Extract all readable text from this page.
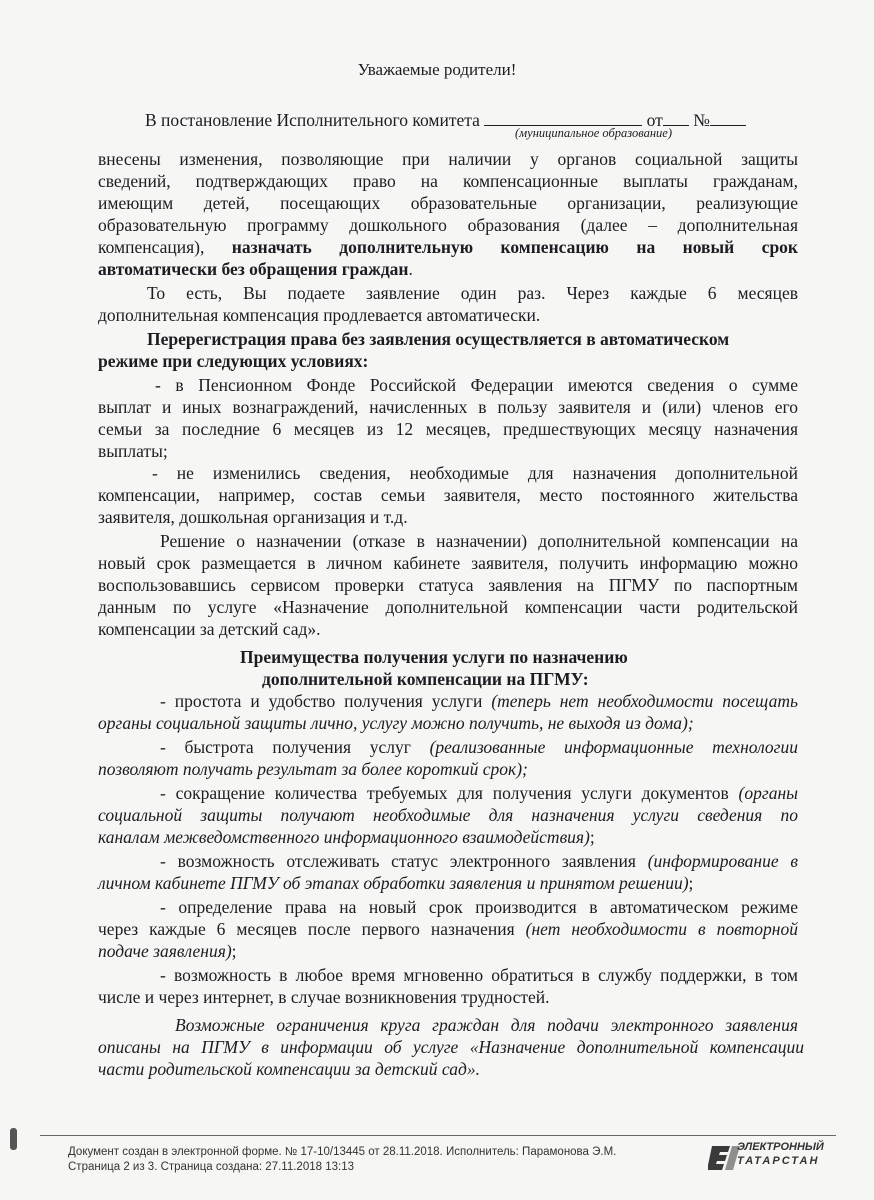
Уважаемые родители!
В постановление Исполнительного комитета	от №
(муниципальное образование)
внесены изменения, позволяющие при наличии у органов социальной защиты
сведений, подтверждающих право на компенсационные выплаты гражданам,
имеющим детей, посещающих образовательные организации, реализующие
образовательную программу дошкольного образования (далее – дополнительная
компенсация), назначать дополнительную компенсацию на новый срок
автоматически без обращения граждан.
То есть, Вы подаете заявление один раз. Через каждые 6 месяцев
дополнительная компенсация продлевается автоматически.
Перерегистрация права без заявления осуществляется в автоматическом
режиме при следующих условиях:
- в Пенсионном Фонде Российской Федерации имеются сведения о сумме
выплат и иных вознаграждений, начисленных в пользу заявителя и (или) членов его
семьи за последние 6 месяцев из 12 месяцев, предшествующих месяцу назначения
выплаты;
- не изменились сведения, необходимые для назначения дополнительной
компенсации, например, состав семьи заявителя, место постоянного жительства
заявителя, дошкольная организация и т.д.
Решение о назначении (отказе в назначении) дополнительной компенсации на
новый срок размещается в личном кабинете заявителя, получить информацию можно
воспользовавшись сервисом проверки статуса заявления на ПГМУ по паспортным
данным по услуге «Назначение дополнительной компенсации части родительской
компенсации за детский сад».
Преимущества получения услуги по назначению
дополнительной компенсации на ПГМУ:
- простота и удобство получения услуги (теперь нет необходимости посещать
органы социальной защиты лично, услугу можно получить, не выходя из дома);
- быстрота получения услуг (реализованные информационные технологии
позволяют получать результат за более короткий срок);
- сокращение количества требуемых для получения услуги документов (органы
социальной защиты получают необходимые для назначения услуги сведения по
каналам межведомственного информационного взаимодействия);
- возможность отслеживать статус электронного заявления (информирование в
личном кабинете ПГМУ об этапах обработки заявления и принятом решении);
- определение права на новый срок производится в автоматическом режиме
через каждые 6 месяцев после первого назначения (нет необходимости в повторной
подаче заявления);
- возможность в любое время мгновенно обратиться в службу поддержки, в том
числе и через интернет, в случае возникновения трудностей.
Возможные ограничения круга граждан для подачи электронного заявления
описаны на ПГМУ в информации об услуге «Назначение дополнительной компенсации
части родительской компенсации за детский сад».
Документ создан в электронной форме. № 17-10/13445 от 28.11.2018. Исполнитель: Парамонова Э.М.
Страница 2 из 3. Страница создана: 27.11.2018 13:13
ЭЛЕКТРОННЫЙ
ТАТАРСТАН
